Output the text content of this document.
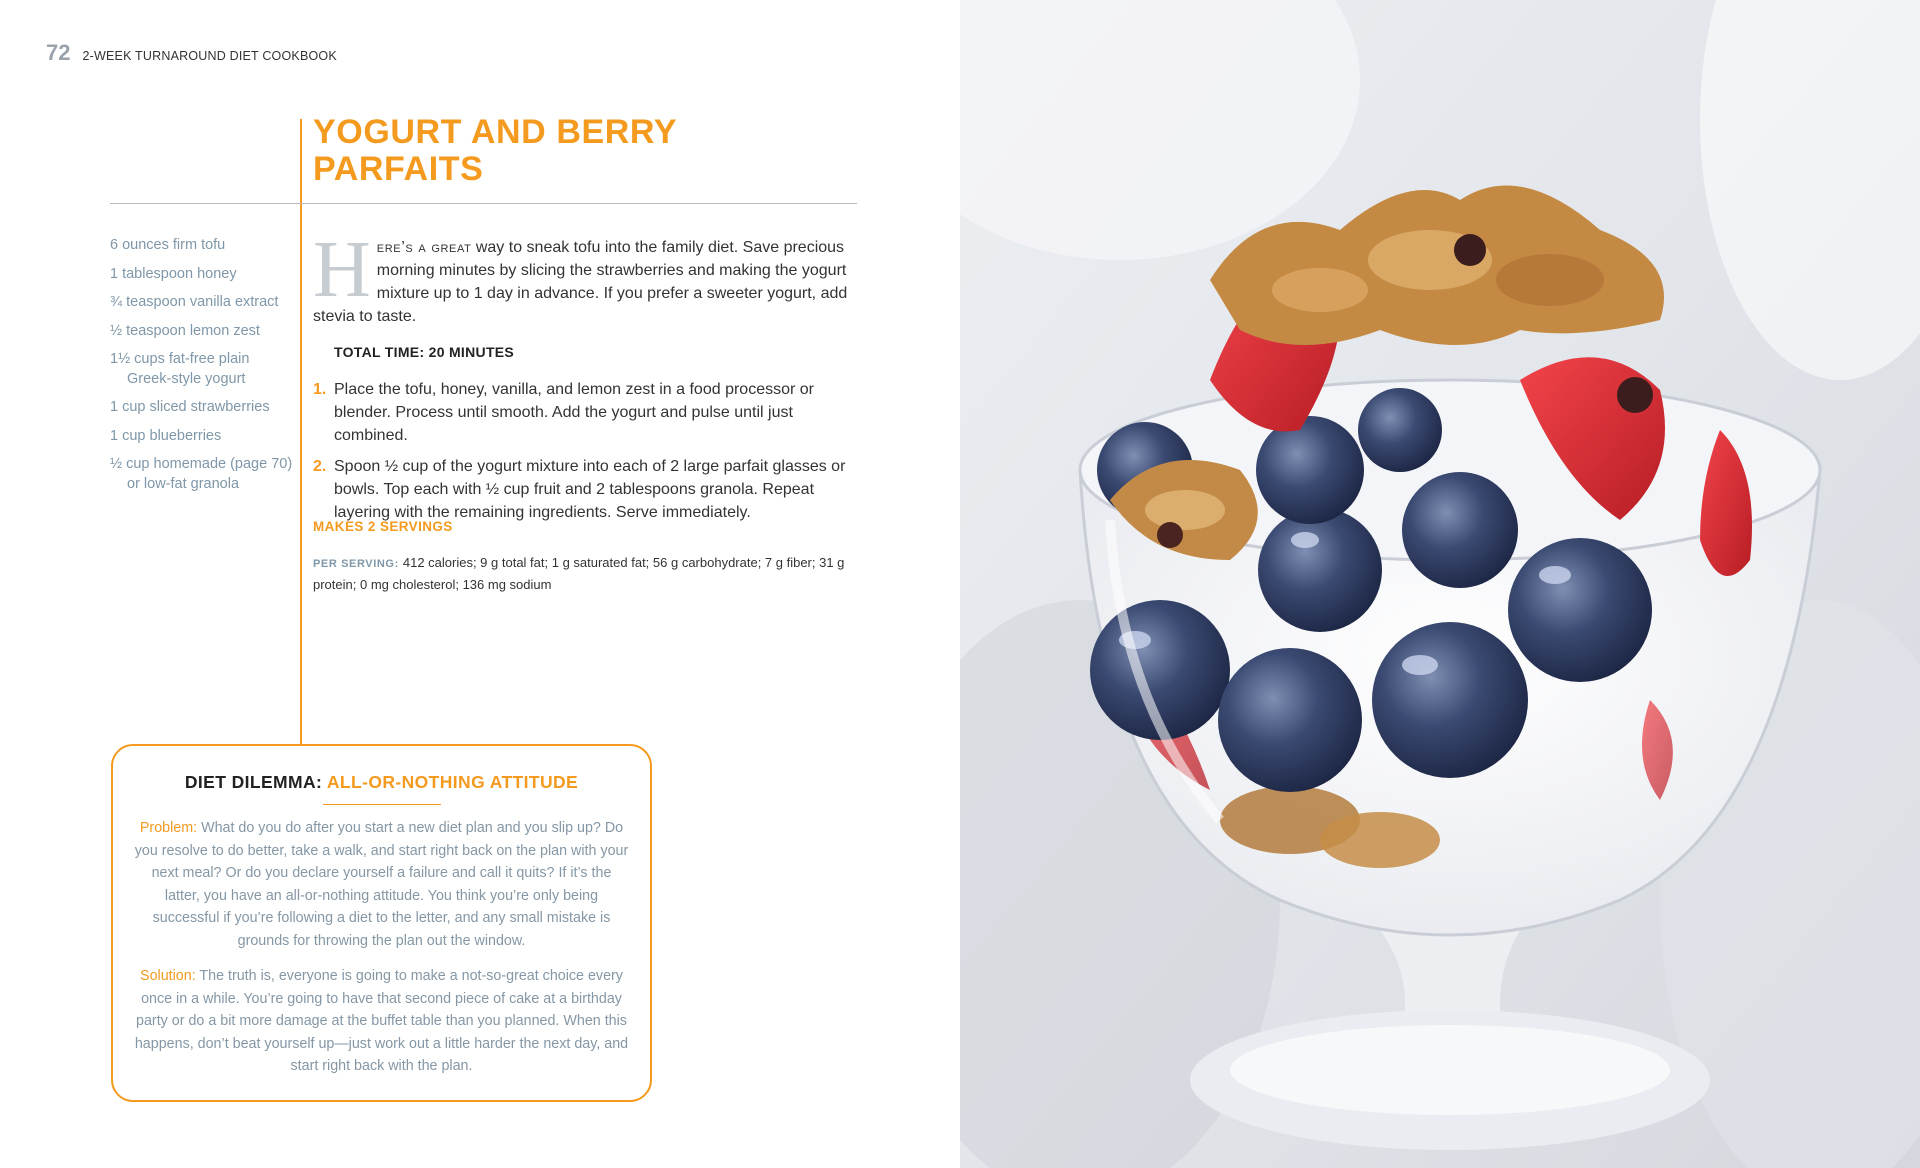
72 2-WEEK TURNAROUND DIET COOKBOOK
YOGURT AND BERRY PARFAITS
6 ounces firm tofu
1 tablespoon honey
¾ teaspoon vanilla extract
½ teaspoon lemon zest
1½ cups fat-free plain Greek-style yogurt
1 cup sliced strawberries
1 cup blueberries
½ cup homemade (page 70) or low-fat granola

Here’s a great way to sneak tofu into the family diet. Save precious morning minutes by slicing the strawberries and making the yogurt mixture up to 1 day in advance. If you prefer a sweeter yogurt, add stevia to taste.

TOTAL TIME: 20 MINUTES
1. Place the tofu, honey, vanilla, and lemon zest in a food processor or blender. Process until smooth. Add the yogurt and pulse until just combined.
2. Spoon ½ cup of the yogurt mixture into each of 2 large parfait glasses or bowls. Top each with ½ cup fruit and 2 tablespoons granola. Repeat layering with the remaining ingredients. Serve immediately.
MAKES 2 SERVINGS

PER SERVING: 412 calories; 9 g total fat; 1 g saturated fat; 56 g carbohydrate; 7 g fiber; 31 g protein; 0 mg cholesterol; 136 mg sodium

DIET DILEMMA: ALL-OR-NOTHING ATTITUDE

Problem: What do you do after you start a new diet plan and you slip up? Do you resolve to do better, take a walk, and start right back on the plan with your next meal? Or do you declare yourself a failure and call it quits? If it’s the latter, you have an all-or-nothing attitude. You think you’re only being successful if you’re following a diet to the letter, and any small mistake is grounds for throwing the plan out the window.

Solution: The truth is, everyone is going to make a not-so-great choice every once in a while. You’re going to have that second piece of cake at a birthday party or do a bit more damage at the buffet table than you planned. When this happens, don’t beat yourself up—just work out a little harder the next day, and start right back with the plan.
